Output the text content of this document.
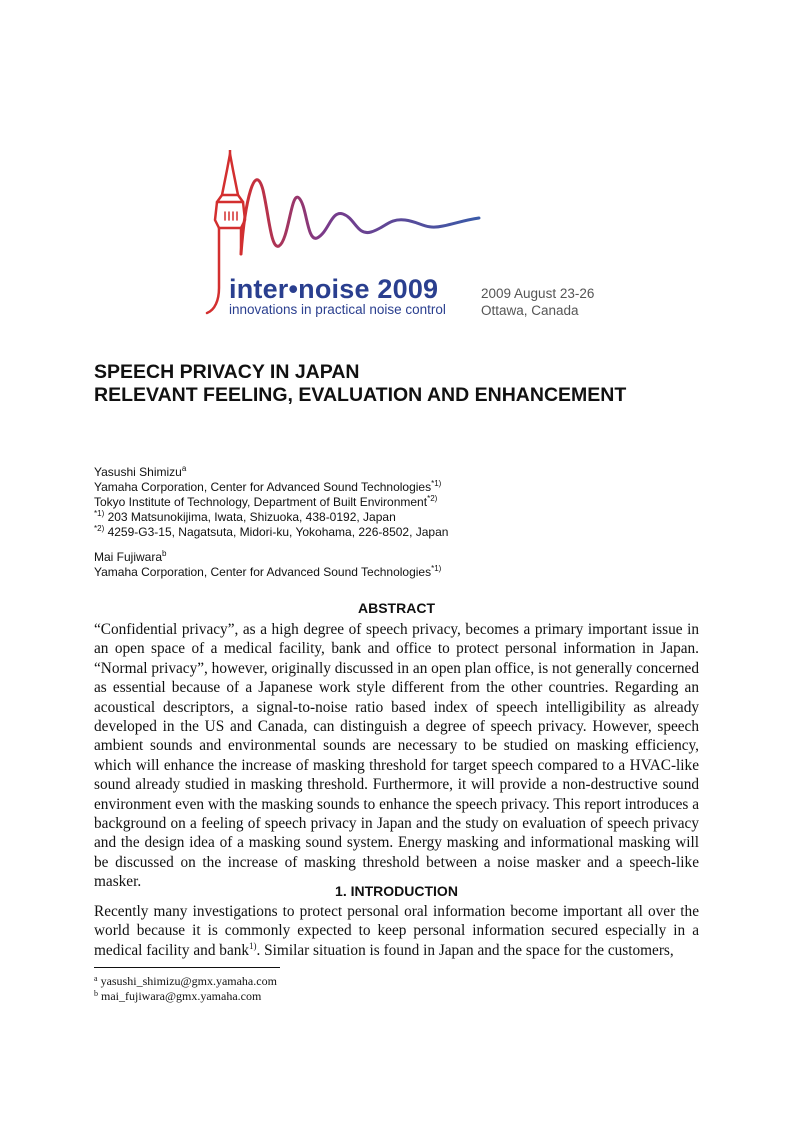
inter•noise 2009
innovations in practical noise control
2009 August 23-26
Ottawa, Canada
SPEECH PRIVACY IN JAPAN
RELEVANT FEELING, EVALUATION AND ENHANCEMENT
Yasushi Shimizu$^a$
Yamaha Corporation, Center for Advanced Sound Technologies$^{*1)}$
Tokyo Institute of Technology, Department of Built Environment$^{*2)}$
$^{*1)}$ 203 Matsunokijima, Iwata, Shizuoka, 438-0192, Japan
$^{*2)}$ 4259-G3-15, Nagatsuta, Midori-ku, Yokohama, 226-8502, Japan
Mai Fujiwara$^b$
Yamaha Corporation, Center for Advanced Sound Technologies$^{*1)}$
ABSTRACT
“Confidential privacy”, as a high degree of speech privacy, becomes a primary important issue in an open space of a medical facility, bank and office to protect personal information in Japan. “Normal privacy”, however, originally discussed in an open plan office, is not generally concerned as essential because of a Japanese work style different from the other countries. Regarding an acoustical descriptors, a signal-to-noise ratio based index of speech intelligibility as already developed in the US and Canada, can distinguish a degree of speech privacy. However, speech ambient sounds and environmental sounds are necessary to be studied on masking efficiency, which will enhance the increase of masking threshold for target speech compared to a HVAC-like sound already studied in masking threshold. Furthermore, it will provide a non-destructive sound environment even with the masking sounds to enhance the speech privacy. This report introduces a background on a feeling of speech privacy in Japan and the study on evaluation of speech privacy and the design idea of a masking sound system. Energy masking and informational masking will be discussed on the increase of masking threshold between a noise masker and a speech-like masker.
1. INTRODUCTION
Recently many investigations to protect personal oral information become important all over the world because it is commonly expected to keep personal information secured especially in a medical facility and bank$^{1)}$. Similar situation is found in Japan and the space for the customers,
$^a$ yasushi_shimizu@gmx.yamaha.com
$^b$ mai_fujiwara@gmx.yamaha.com
